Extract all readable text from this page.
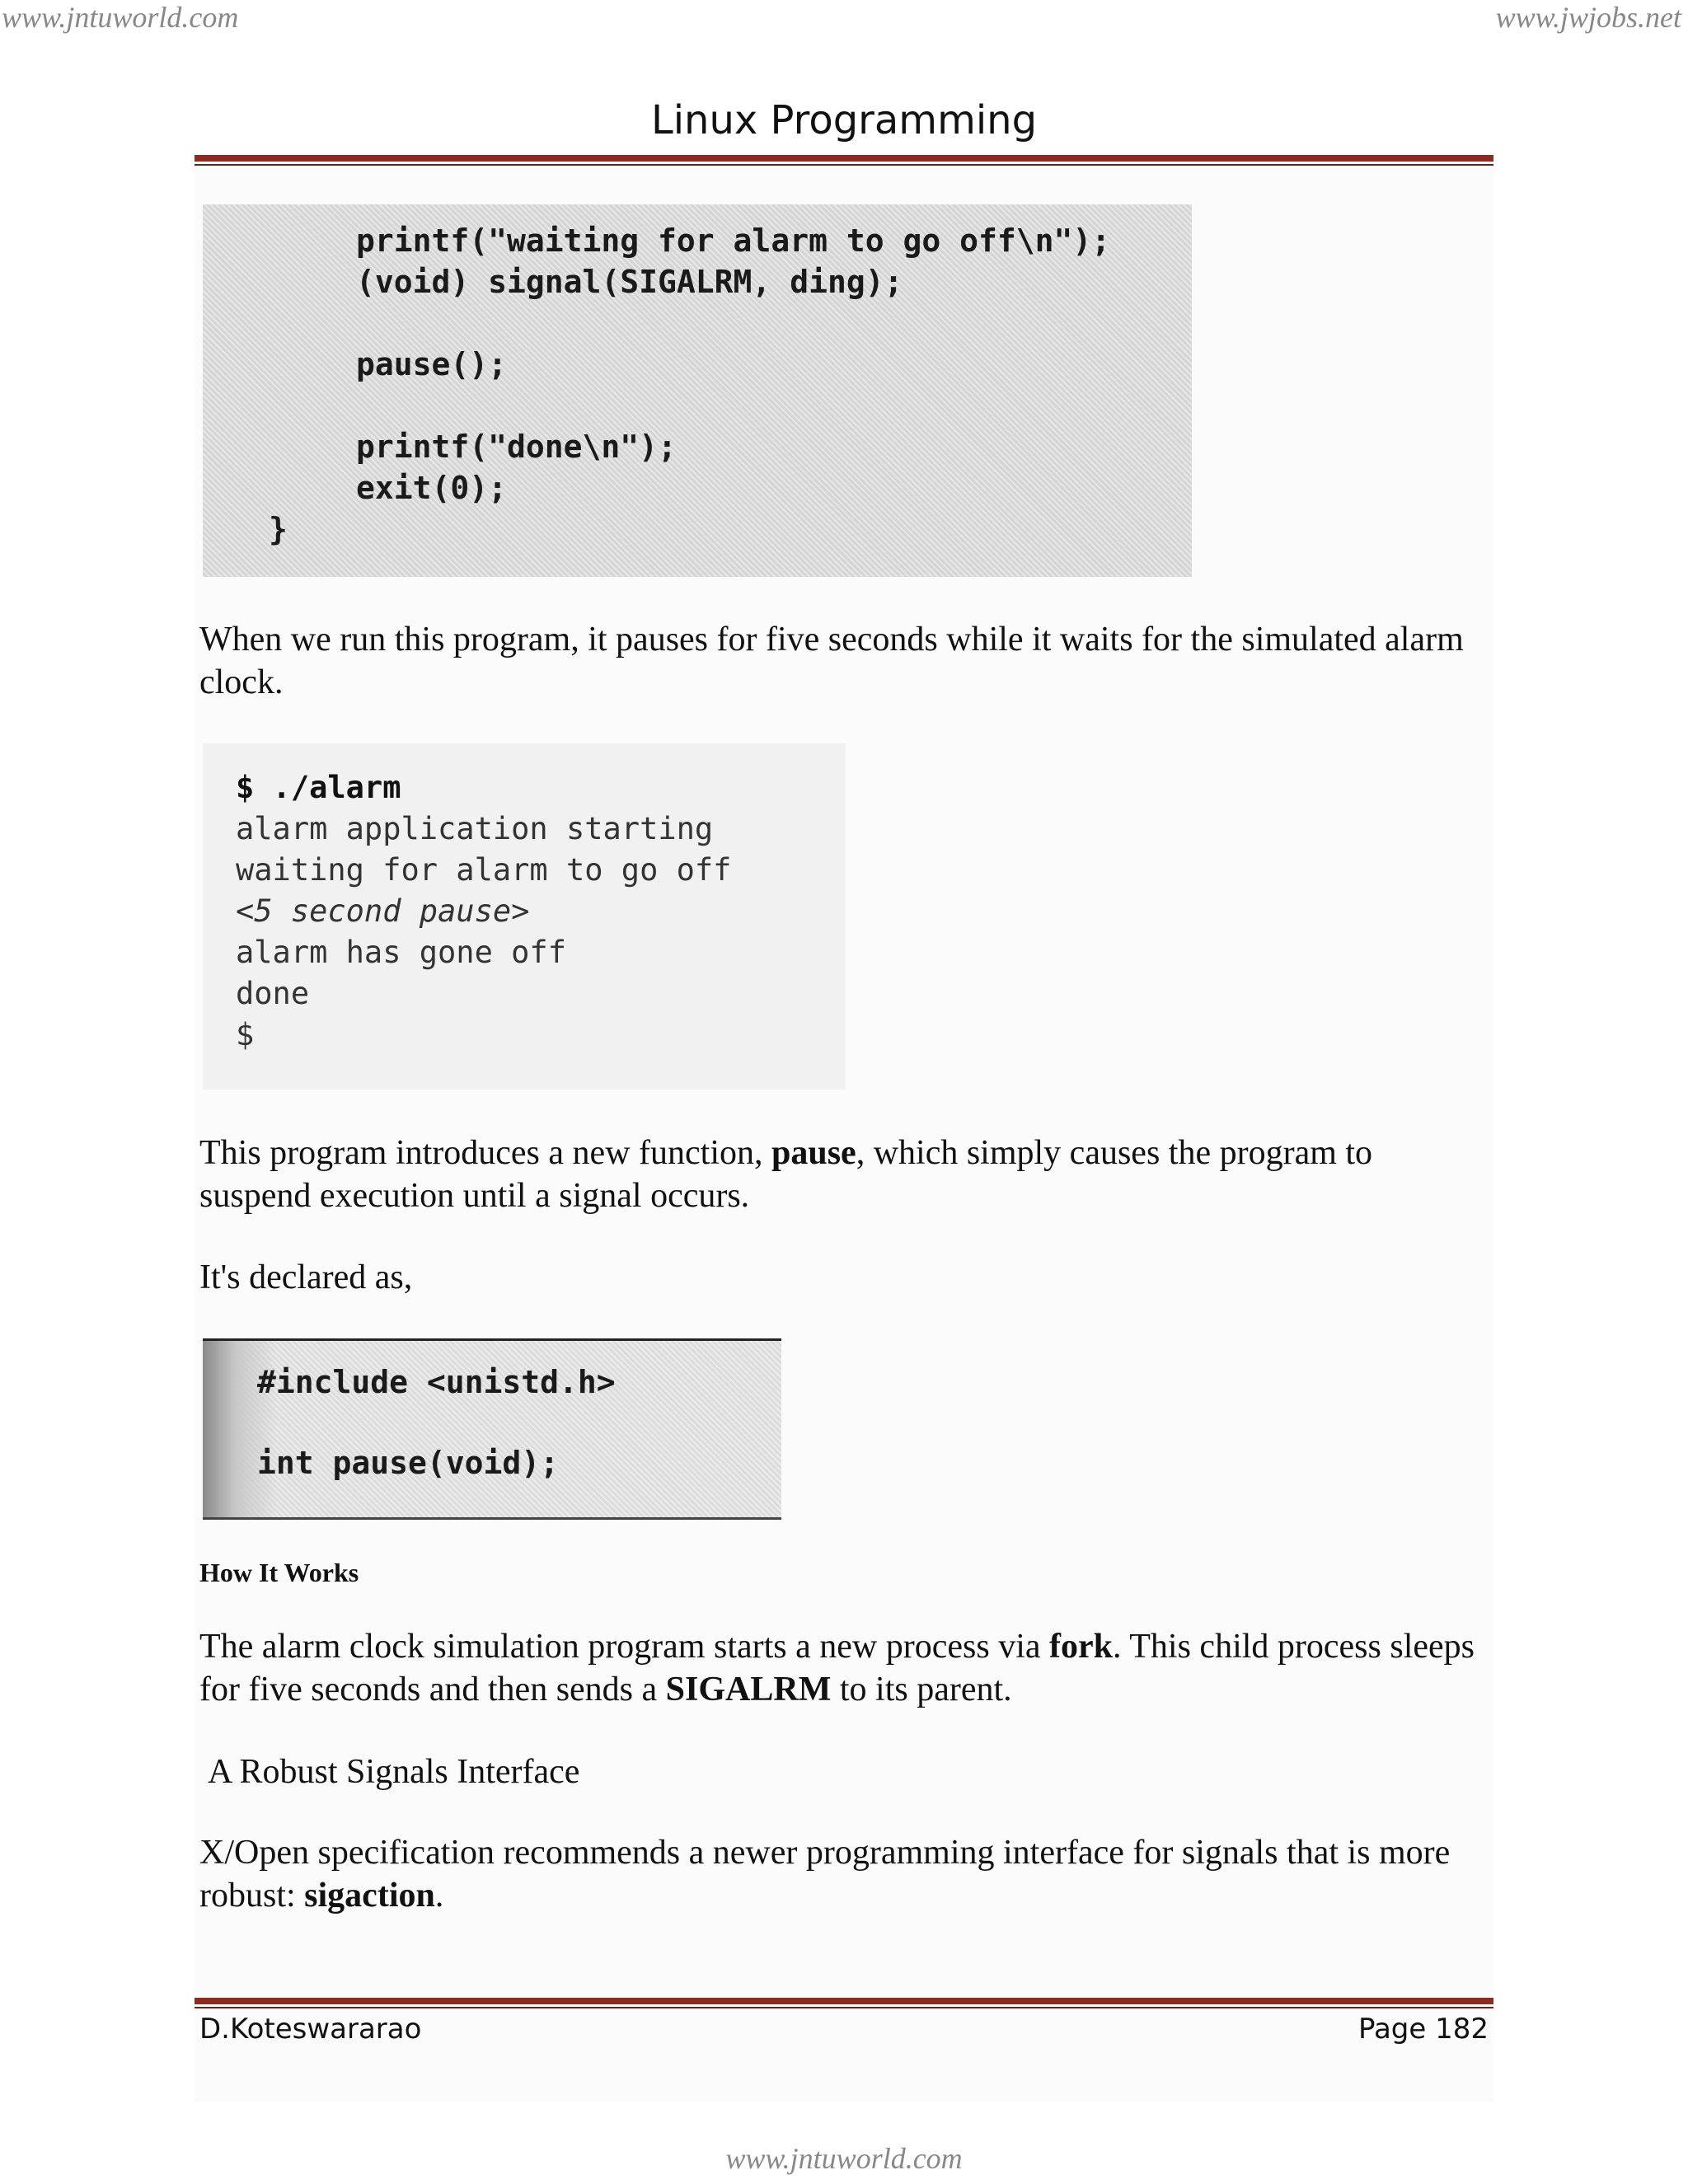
www.jntuworld.com	www.jwjobs.net
Linux Programming

printf("waiting for alarm to go off\n");

(void) signal(SIGALRM, ding);

pause();

printf("done\n");

exit(0);

}

When we run this program, it pauses for five seconds while it waits for the simulated alarm clock.

$ ./alarm

alarm application starting

waiting for alarm to go off

<5 second pause>

alarm has gone off

done

$

This program introduces a new function, pause, which simply causes the program to suspend execution until a signal occurs.
It's declared as,

#include <unistd.h>

int pause(void);

How It Works
The alarm clock simulation program starts a new process via fork. This child process sleeps for five seconds and then sends a SIGALRM to its parent.
A Robust Signals Interface
X/Open specification recommends a newer programming interface for signals that is more robust: sigaction.
D.Koteswararao	Page 182
www.jntuworld.com
